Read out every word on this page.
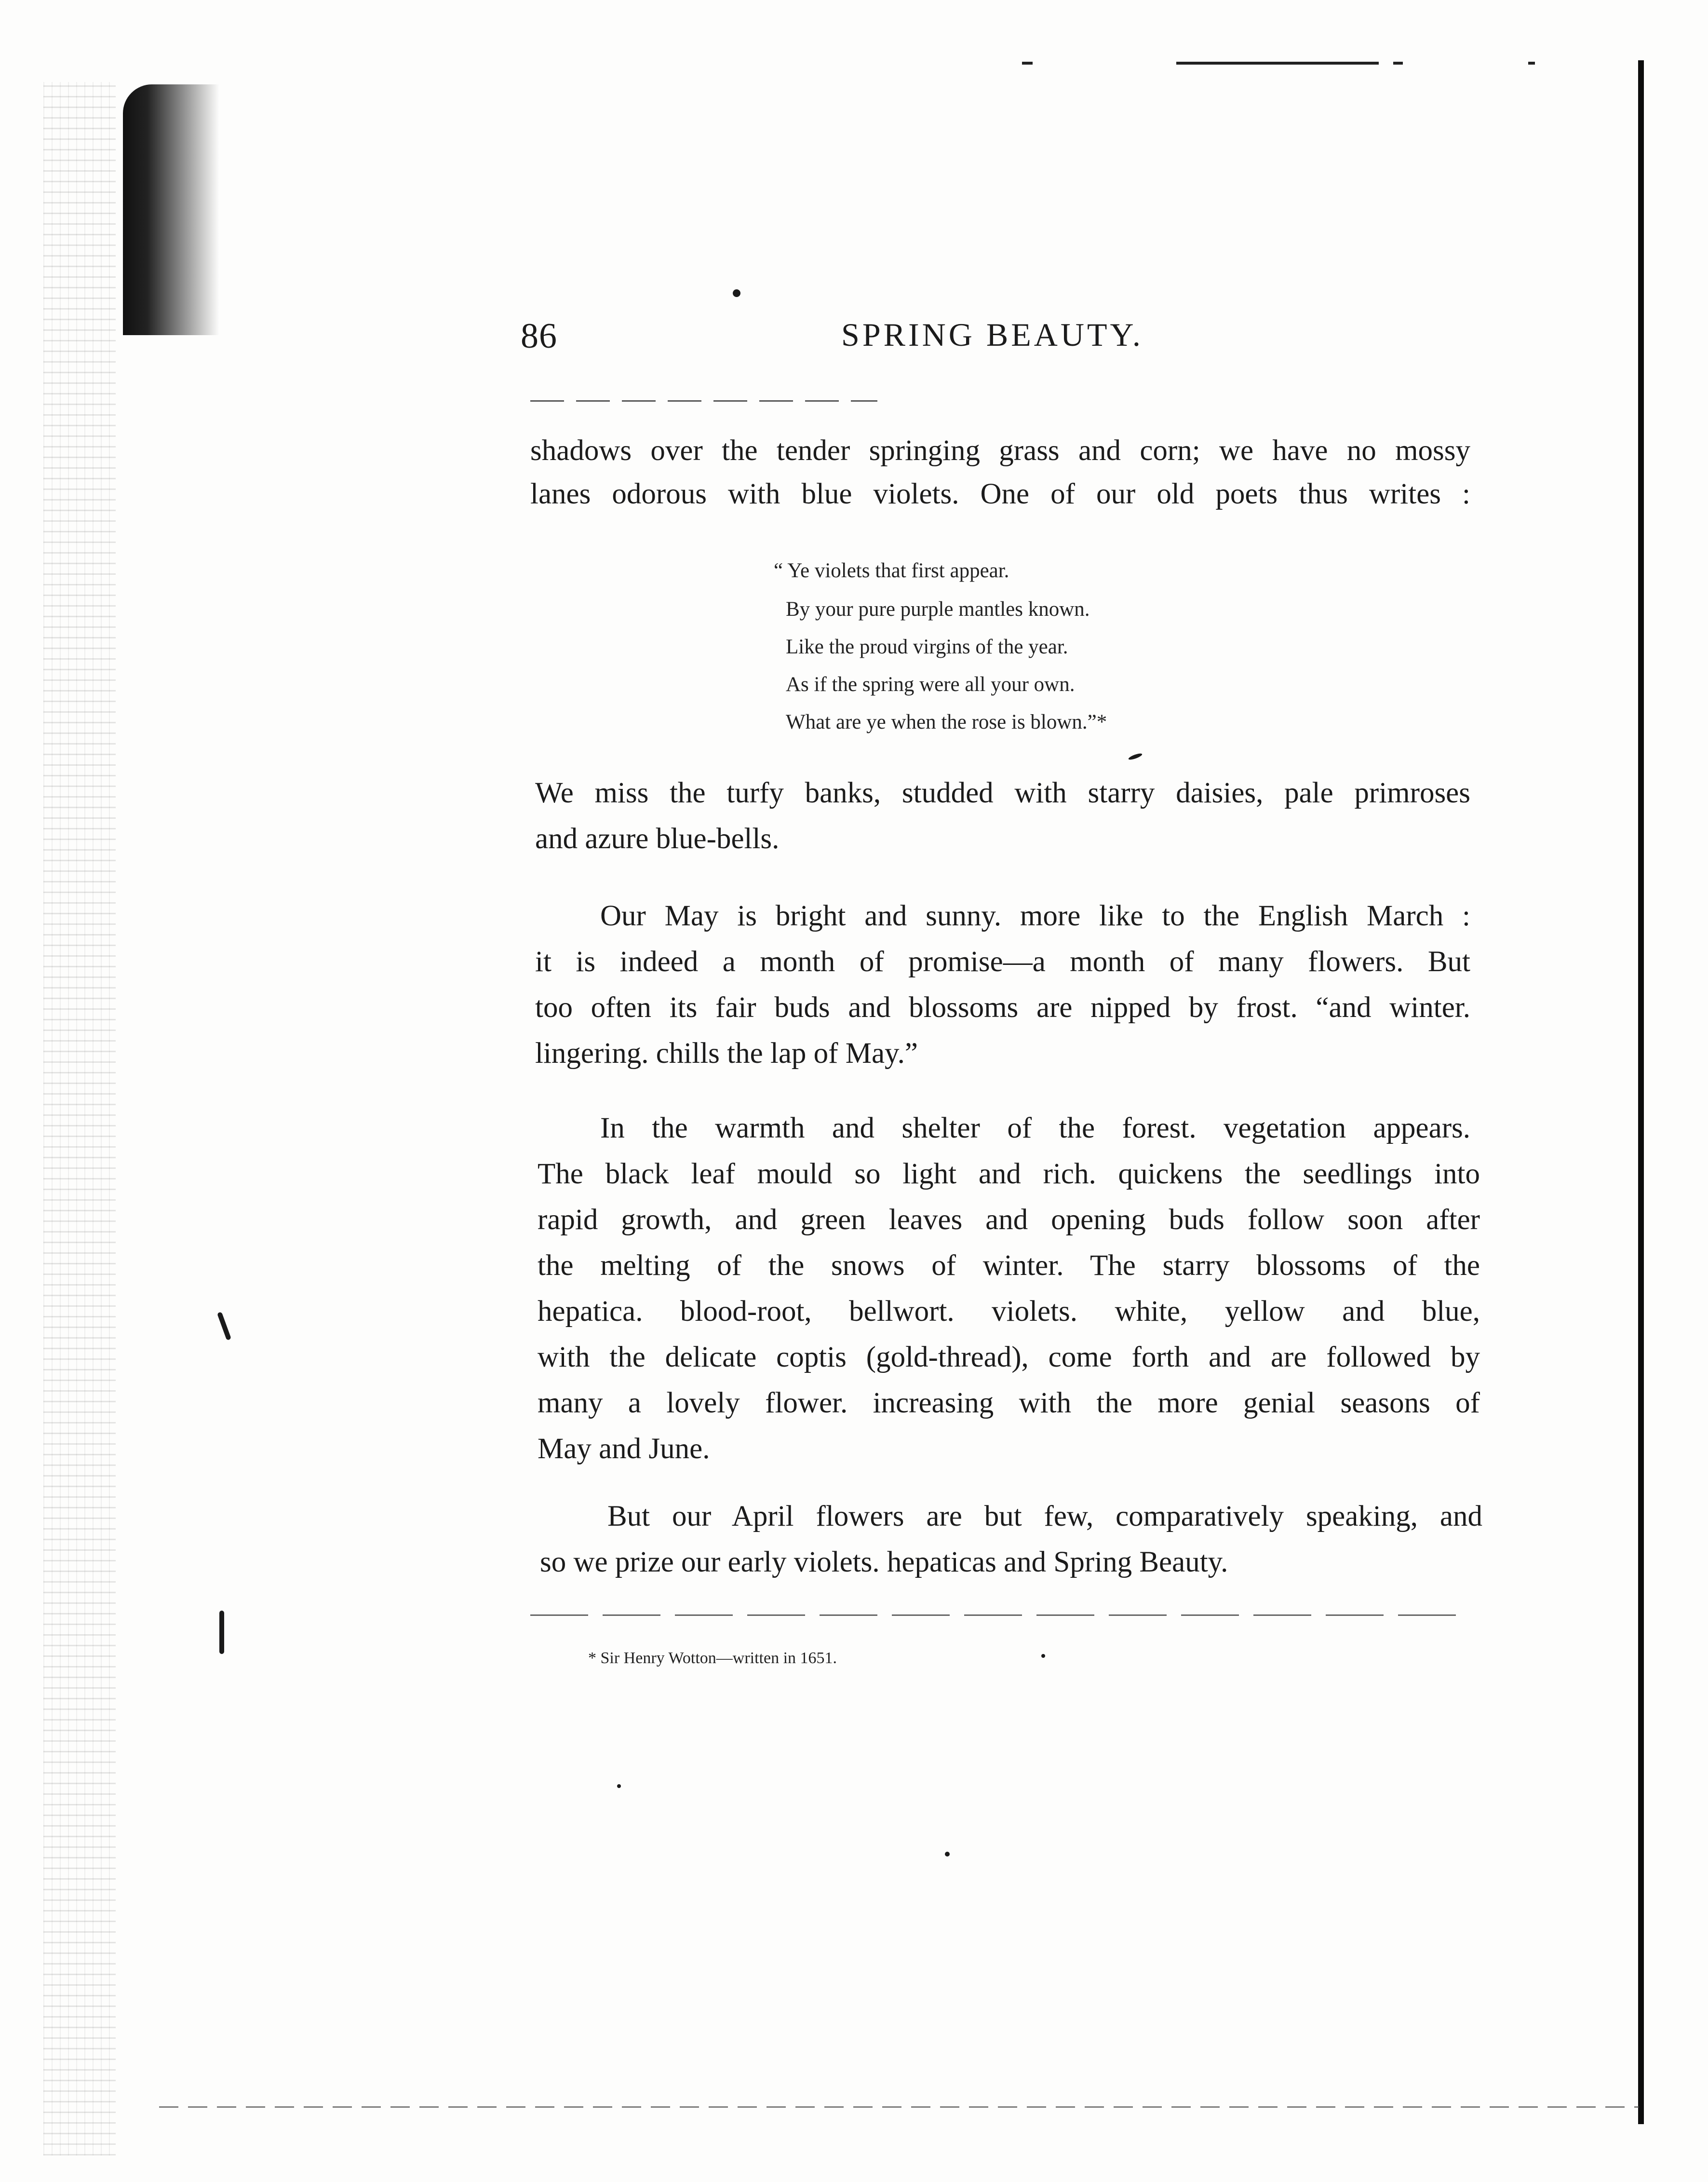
86	SPRING BEAUTY.
shadows over the tender springing grass and corn; we have no mossy
lanes odorous with blue violets. One of our old poets thus writes :
“ Ye violets that first appear.
By your pure purple mantles known.
Like the proud virgins of the year.
As if the spring were all your own.
What are ye when the rose is blown.”*
We miss the turfy banks, studded with starry daisies, pale primroses
and azure blue-bells.
Our May is bright and sunny. more like to the English March :
it is indeed a month of promise—a month of many flowers. But
too often its fair buds and blossoms are nipped by frost. “and winter.
lingering. chills the lap of May.”
In the warmth and shelter of the forest. vegetation appears.
The black leaf mould so light and rich. quickens the seedlings into
rapid growth, and green leaves and opening buds follow soon after
the melting of the snows of winter. The starry blossoms of the
hepatica. blood-root, bellwort. violets. white, yellow and blue,
with the delicate coptis (gold-thread), come forth and are followed by
many a lovely flower. increasing with the more genial seasons of
May and June.
But our April flowers are but few, comparatively speaking, and
so we prize our early violets. hepaticas and Spring Beauty.
* Sir Henry Wotton—written in 1651.
